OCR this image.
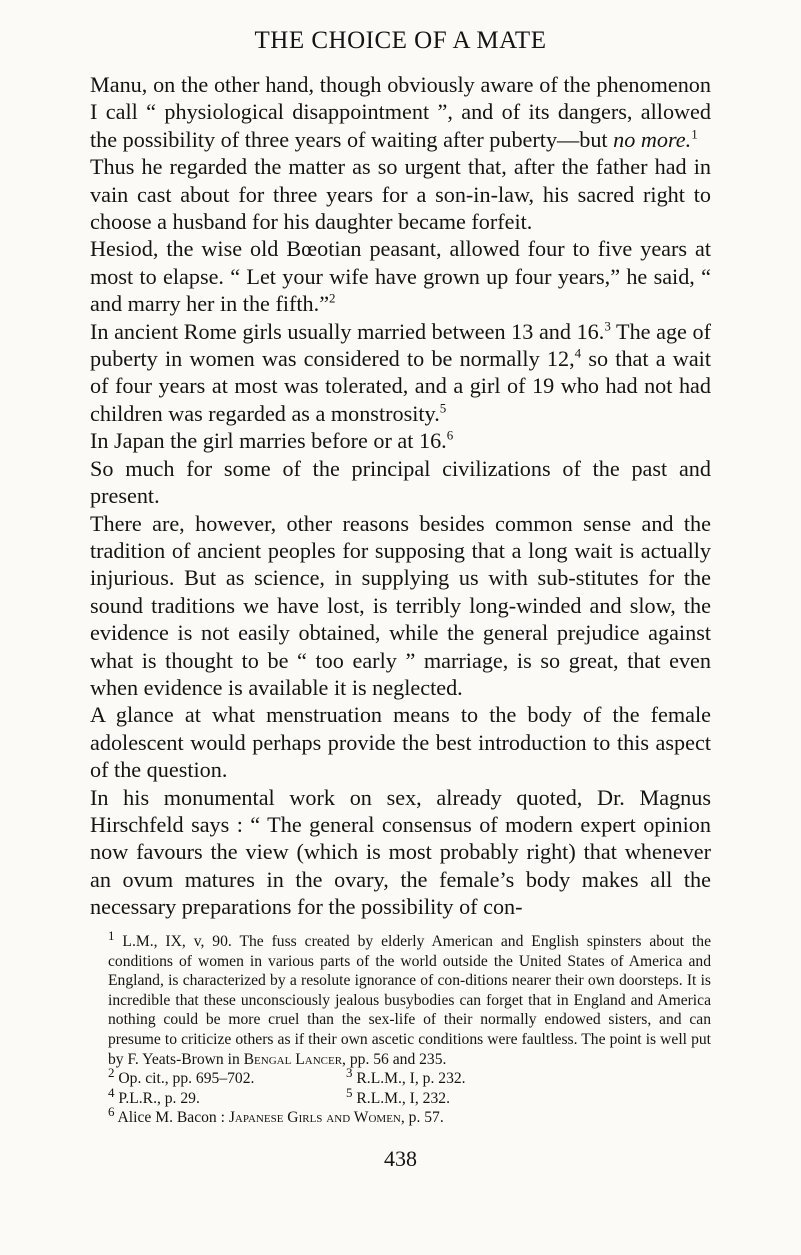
THE CHOICE OF A MATE

Manu, on the other hand, though obviously aware of the phenomenon I call “ physiological disappointment ”, and of its dangers, allowed the possibility of three years of waiting after puberty—but no more.$^1$

Thus he regarded the matter as so urgent that, after the father had in vain cast about for three years for a son-in-law, his sacred right to choose a husband for his daughter became forfeit.

Hesiod, the wise old Bœotian peasant, allowed four to five years at most to elapse. “ Let your wife have grown up four years,” he said, “ and marry her in the fifth.”$^2$

In ancient Rome girls usually married between 13 and 16.$^3$ The age of puberty in women was considered to be normally 12,$^4$ so that a wait of four years at most was tolerated, and a girl of 19 who had not had children was regarded as a monstrosity.$^5$

In Japan the girl marries before or at 16.$^6$

So much for some of the principal civilizations of the past and present.

There are, however, other reasons besides common sense and the tradition of ancient peoples for supposing that a long wait is actually injurious. But as science, in supplying us with sub-stitutes for the sound traditions we have lost, is terribly long-winded and slow, the evidence is not easily obtained, while the general prejudice against what is thought to be “ too early ” marriage, is so great, that even when evidence is available it is neglected.

A glance at what menstruation means to the body of the female adolescent would perhaps provide the best introduction to this aspect of the question.

In his monumental work on sex, already quoted, Dr. Magnus Hirschfeld says : “ The general consensus of modern expert opinion now favours the view (which is most probably right) that whenever an ovum matures in the ovary, the female’s body makes all the necessary preparations for the possibility of con-

$^1$ L.M., IX, v, 90. The fuss created by elderly American and English spinsters about the conditions of women in various parts of the world outside the United States of America and England, is characterized by a resolute ignorance of con-ditions nearer their own doorsteps. It is incredible that these unconsciously jealous busybodies can forget that in England and America nothing could be more cruel than the sex-life of their normally endowed sisters, and can presume to criticize others as if their own ascetic conditions were faultless. The point is well put by F. Yeats-Brown in Bengal Lancer, pp. 56 and 235.

$^2$ Op. cit., pp. 695–702.	$^3$ R.L.M., I, p. 232.
$^4$ P.L.R., p. 29.	$^5$ R.L.M., I, 232.

$^6$ Alice M. Bacon : Japanese Girls and Women, p. 57.

438
